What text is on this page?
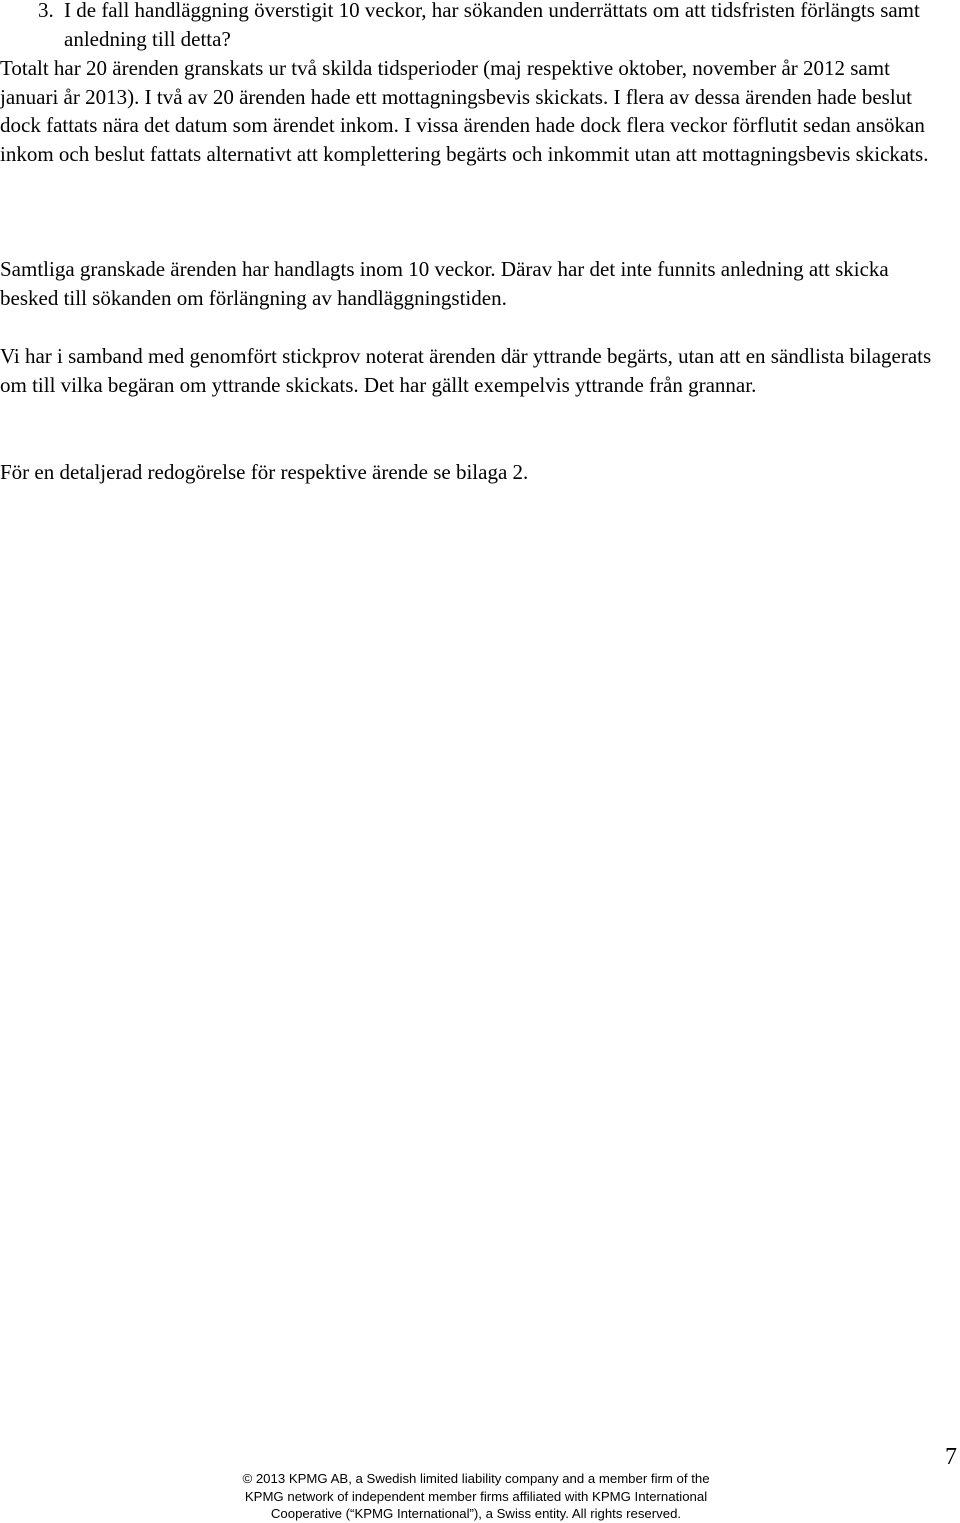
3. I de fall handläggning överstigit 10 veckor, har sökanden underrättats om att tidsfristen förlängts samt anledning till detta?

Totalt har 20 ärenden granskats ur två skilda tidsperioder (maj respektive oktober, november år 2012 samt januari år 2013). I två av 20 ärenden hade ett mottagningsbevis skickats. I flera av dessa ärenden hade beslut dock fattats nära det datum som ärendet inkom. I vissa ärenden hade dock flera veckor förflutit sedan ansökan inkom och beslut fattats alternativt att komplettering begärts och inkommit utan att mottagningsbevis skickats.

Samtliga granskade ärenden har handlagts inom 10 veckor. Därav har det inte funnits anledning att skicka besked till sökanden om förlängning av handläggningstiden.

Vi har i samband med genomfört stickprov noterat ärenden där yttrande begärts, utan att en sändlista bilagerats om till vilka begäran om yttrande skickats. Det har gällt exempelvis yttrande från grannar.

För en detaljerad redogörelse för respektive ärende se bilaga 2.

© 2013 KPMG AB, a Swedish limited liability company and a member firm of the
KPMG network of independent member firms affiliated with KPMG International
Cooperative (“KPMG International”), a Swiss entity. All rights reserved.
7
